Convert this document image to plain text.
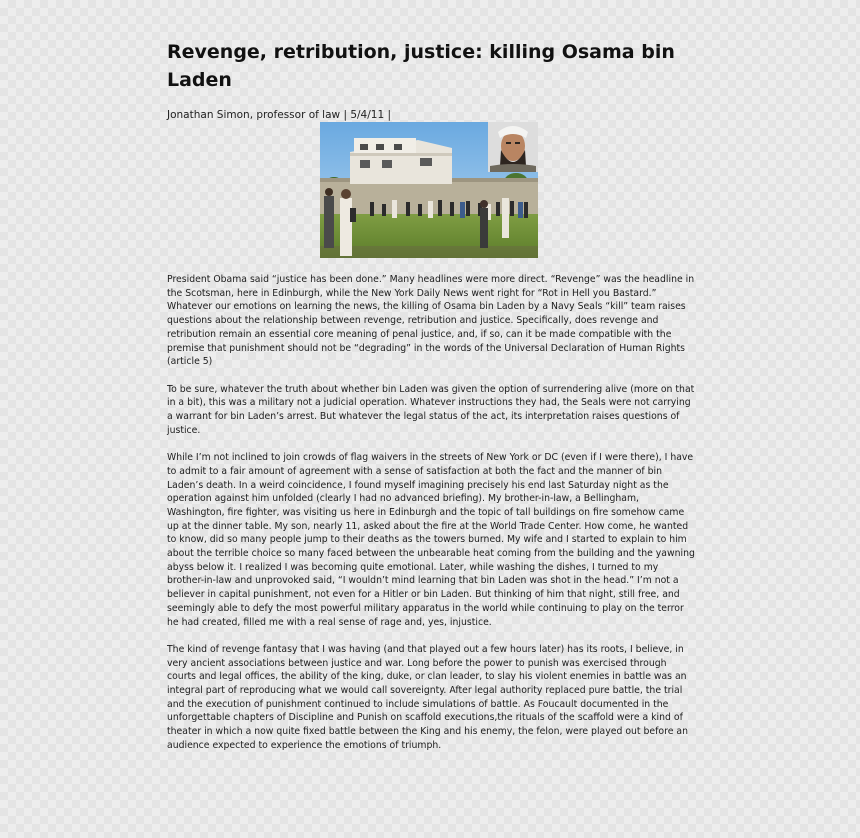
Revenge, retribution, justice: killing Osama bin Laden
Jonathan Simon, professor of law | 5/4/11 |

President Obama said “justice has been done.” Many headlines were more direct. “Revenge” was the headline in the Scotsman, here in Edinburgh, while the New York Daily News went right for “Rot in Hell you Bastard.” Whatever our emotions on learning the news, the killing of Osama bin Laden by a Navy Seals “kill” team raises questions about the relationship between revenge, retribution and justice. Specifically, does revenge and retribution remain an essential core meaning of penal justice, and, if so, can it be made compatible with the premise that punishment should not be “degrading” in the words of the Universal Declaration of Human Rights (article 5)

To be sure, whatever the truth about whether bin Laden was given the option of surrendering alive (more on that in a bit), this was a military not a judicial operation. Whatever instructions they had, the Seals were not carrying a warrant for bin Laden’s arrest. But whatever the legal status of the act, its interpretation raises questions of justice.

While I’m not inclined to join crowds of flag waivers in the streets of New York or DC (even if I were there), I have to admit to a fair amount of agreement with a sense of satisfaction at both the fact and the manner of bin Laden’s death. In a weird coincidence, I found myself imagining precisely his end last Saturday night as the operation against him unfolded (clearly I had no advanced briefing). My brother-in-law, a Bellingham, Washington, fire fighter, was visiting us here in Edinburgh and the topic of tall buildings on fire somehow came up at the dinner table. My son, nearly 11, asked about the fire at the World Trade Center. How come, he wanted to know, did so many people jump to their deaths as the towers burned. My wife and I started to explain to him about the terrible choice so many faced between the unbearable heat coming from the building and the yawning abyss below it. I realized I was becoming quite emotional. Later, while washing the dishes, I turned to my brother-in-law and unprovoked said, “I wouldn’t mind learning that bin Laden was shot in the head.” I’m not a believer in capital punishment, not even for a Hitler or bin Laden. But thinking of him that night, still free, and seemingly able to defy the most powerful military apparatus in the world while continuing to play on the terror he had created, filled me with a real sense of rage and, yes, injustice.

The kind of revenge fantasy that I was having (and that played out a few hours later) has its roots, I believe, in very ancient associations between justice and war. Long before the power to punish was exercised through courts and legal offices, the ability of the king, duke, or clan leader, to slay his violent enemies in battle was an integral part of reproducing what we would call sovereignty. After legal authority replaced pure battle, the trial and the execution of punishment continued to include simulations of battle. As Foucault documented in the unforgettable chapters of Discipline and Punish on scaffold executions,the rituals of the scaffold were a kind of theater in which a now quite fixed battle between the King and his enemy, the felon, were played out before an audience expected to experience the emotions of triumph.
